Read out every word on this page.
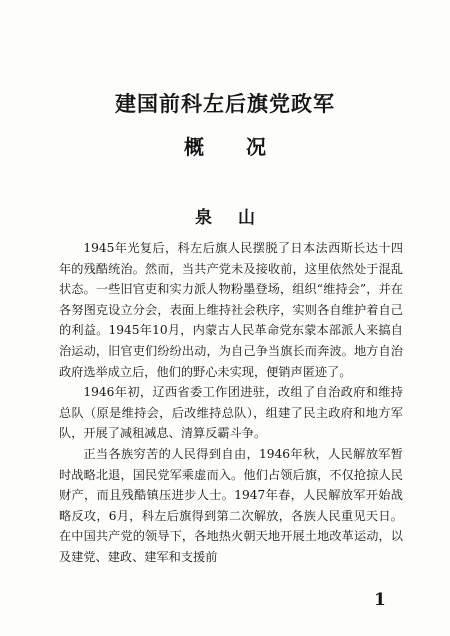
建国前科左后旗党政军
概况
泉山

1945年光复后，科左后旗人民摆脱了日本法西斯长达十四年的残酷统治。然而，当共产党未及接收前，这里依然处于混乱状态。一些旧官吏和实力派人物粉墨登场，组织“维持会”，并在各努图克设立分会，表面上维持社会秩序，实则各自维护着自己的利益。1945年10月，内蒙古人民革命党东蒙本部派人来搞自治运动，旧官吏们纷纷出动，为自己争当旗长而奔波。地方自治政府选举成立后，他们的野心未实现，便销声匿迹了。

1946年初，辽西省委工作团进驻，改组了自治政府和维持总队（原是维持会，后改维持总队），组建了民主政府和地方军队，开展了减租减息、清算反霸斗争。

正当各族穷苦的人民得到自由，1946年秋，人民解放军暂时战略北退，国民党军乘虚而入。他们占领后旗，不仅抢掠人民财产，而且残酷镇压进步人士。1947年春，人民解放军开始战略反攻，6月，科左后旗得到第二次解放，各族人民重见天日。在中国共产党的领导下，各地热火朝天地开展土地改革运动，以及建党、建政、建军和支援前

1
